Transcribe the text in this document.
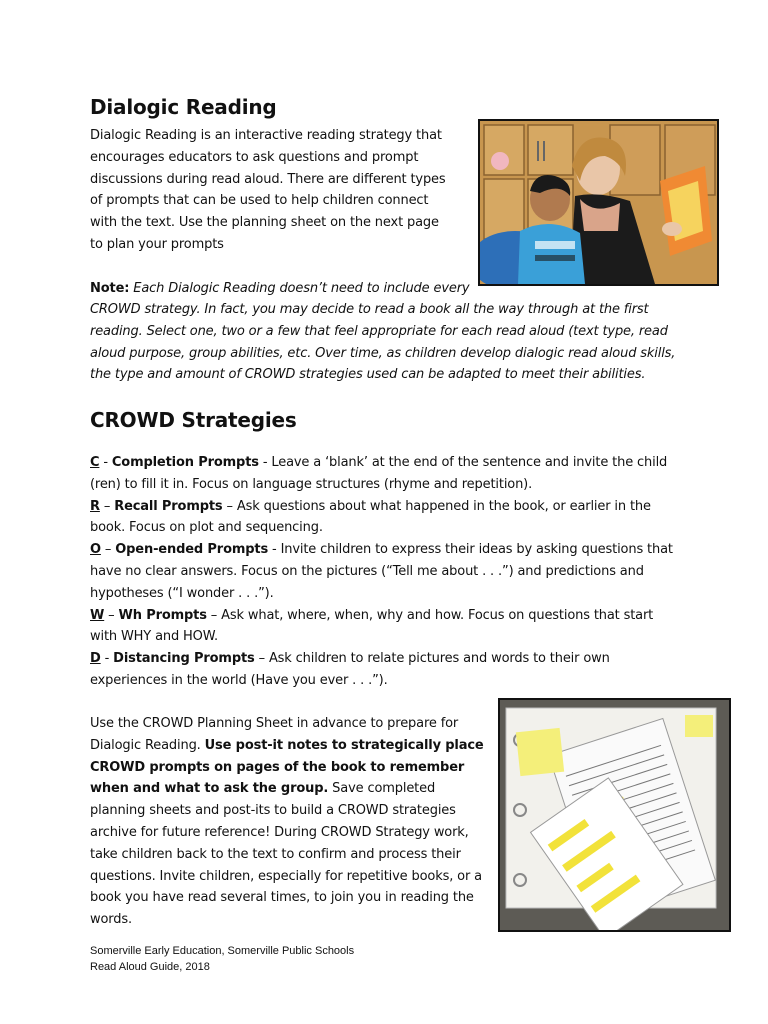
Dialogic Reading

Dialogic Reading is an interactive reading strategy that encourages educators to ask questions and prompt discussions during read aloud. There are different types of prompts that can be used to help children connect with the text. Use the planning sheet on the next page to plan your prompts

Note: Each Dialogic Reading doesn’t need to include every

CROWD strategy. In fact, you may decide to read a book all the way through at the first reading. Select one, two or a few that feel appropriate for each read aloud (text type, read aloud purpose, group abilities, etc. Over time, as children develop dialogic read aloud skills, the type and amount of CROWD strategies used can be adapted to meet their abilities.

CROWD Strategies
C - Completion Prompts - Leave a ‘blank’ at the end of the sentence and invite the child (ren) to fill it in. Focus on language structures (rhyme and repetition).
R – Recall Prompts – Ask questions about what happened in the book, or earlier in the book. Focus on plot and sequencing.
O – Open-ended Prompts - Invite children to express their ideas by asking questions that have no clear answers. Focus on the pictures (“Tell me about . . .”) and predictions and hypotheses (“I wonder . . .”).
W – Wh Prompts – Ask what, where, when, why and how. Focus on questions that start with WHY and HOW.
D - Distancing Prompts – Ask children to relate pictures and words to their own experiences in the world (Have you ever . . .”).

Use the CROWD Planning Sheet in advance to prepare for Dialogic Reading. Use post-it notes to strategically place CROWD prompts on pages of the book to remember when and what to ask the group. Save completed planning sheets and post-its to build a CROWD strategies archive for future reference! During CROWD Strategy work, take children back to the text to confirm and process their questions. Invite children, especially for repetitive books, or a book you have read several times, to join you in reading the words.

Somerville Early Education, Somerville Public Schools

Read Aloud Guide, 2018
